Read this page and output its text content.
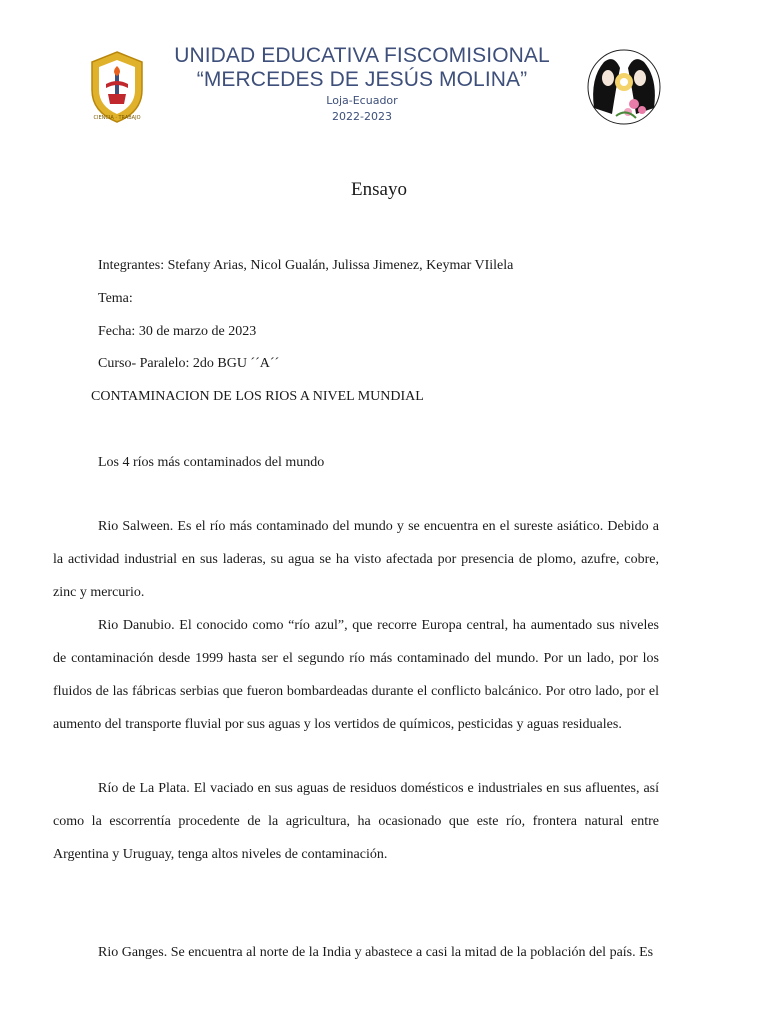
CIENCIA · TRABAJO
UNIDAD EDUCATIVA FISCOMISIONAL
“MERCEDES DE JESÚS MOLINA”
Loja-Ecuador
2022-2023
Ensayo
Integrantes: Stefany Arias, Nicol Gualán, Julissa Jimenez, Keymar VIilela
Tema:
Fecha: 30 de marzo de 2023
Curso- Paralelo: 2do BGU ´´A´´
CONTAMINACION DE LOS RIOS A NIVEL MUNDIAL
Los 4 ríos más contaminados del mundo
Rio Salween. Es el río más contaminado del mundo y se encuentra en el sureste asiático. Debido a la actividad industrial en sus laderas, su agua se ha visto afectada por presencia de plomo, azufre, cobre, zinc y mercurio.
Rio Danubio. El conocido como “río azul”, que recorre Europa central, ha aumentado sus niveles de contaminación desde 1999 hasta ser el segundo río más contaminado del mundo. Por un lado, por los fluidos de las fábricas serbias que fueron bombardeadas durante el conflicto balcánico. Por otro lado, por el aumento del transporte fluvial por sus aguas y los vertidos de químicos, pesticidas y aguas residuales.
Río de La Plata. El vaciado en sus aguas de residuos domésticos e industriales en sus afluentes, así como la escorrentía procedente de la agricultura, ha ocasionado que este río, frontera natural entre Argentina y Uruguay, tenga altos niveles de contaminación.
Rio Ganges. Se encuentra al norte de la India y abastece a casi la mitad de la población del país. Es
